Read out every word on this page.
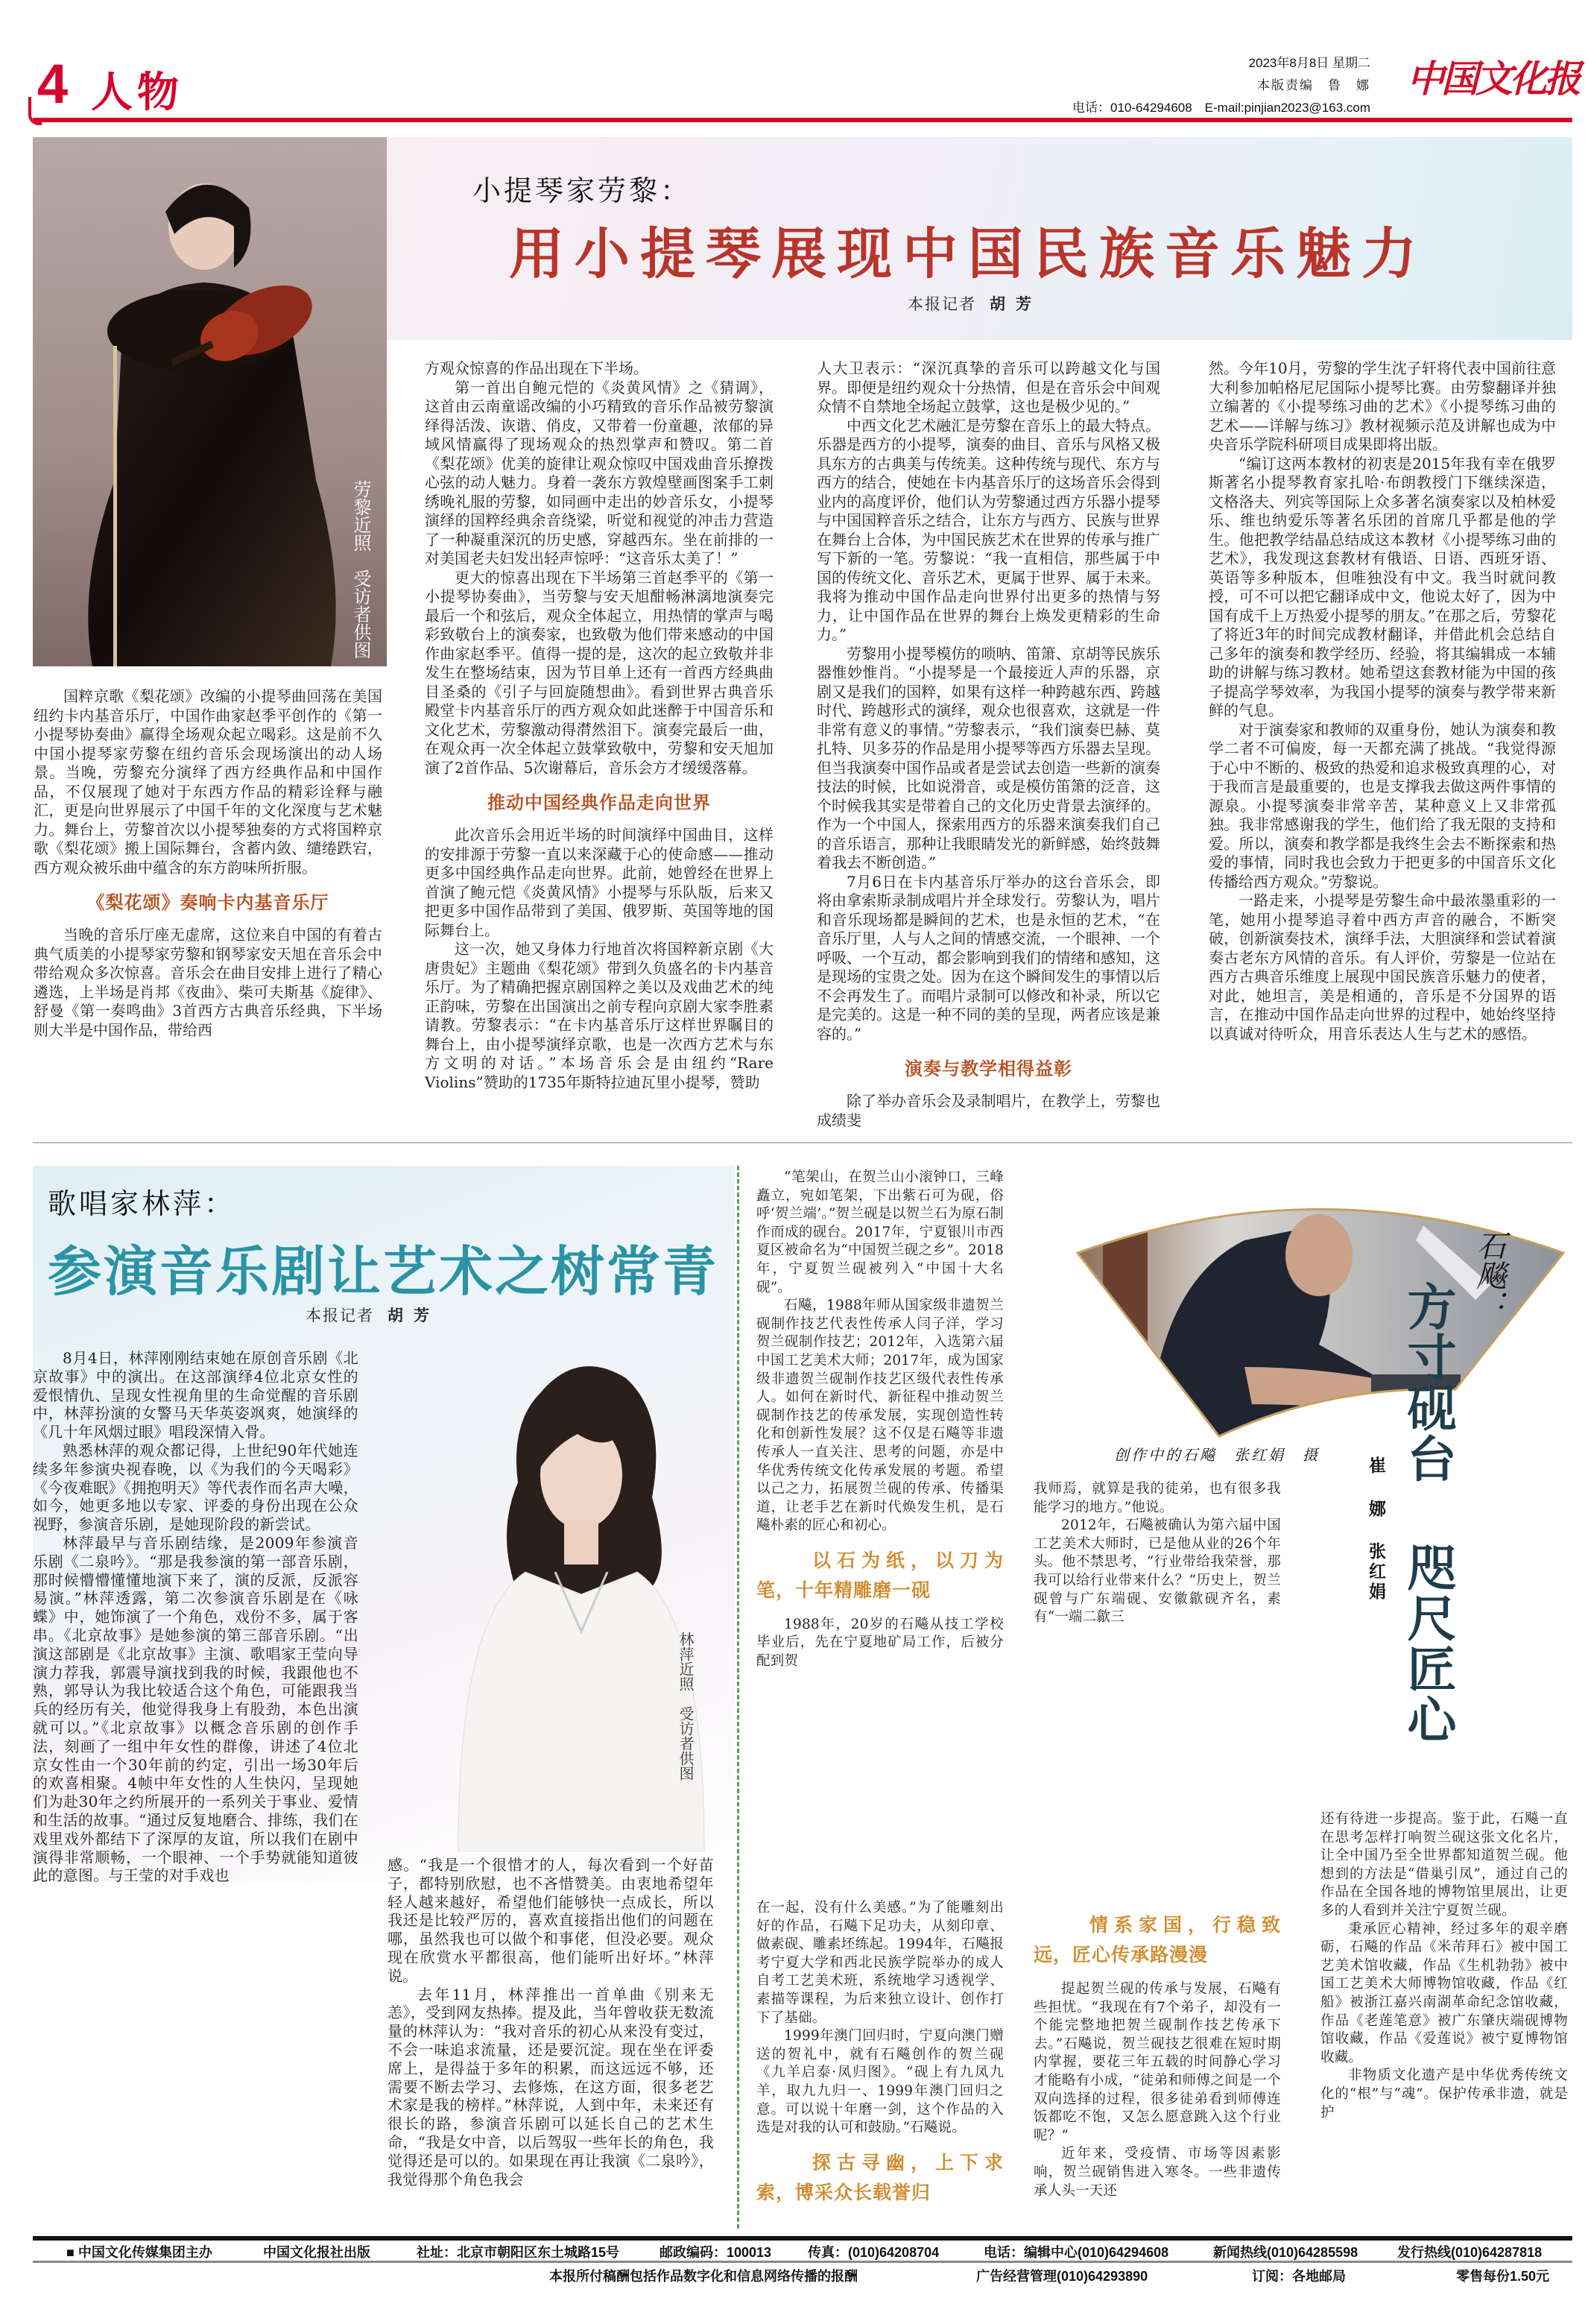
4 人物
2023年8月8日 星期二
本版责编　鲁　娜
电话：010-64294608　E-mail:pinjian2023@163.com
中国文化报
劳黎近照　受访者供图
小提琴家劳黎：
用小提琴展现中国民族音乐魅力
本报记者 胡芳

国粹京歌《梨花颂》改编的小提琴曲回荡在美国纽约卡内基音乐厅，中国作曲家赵季平创作的《第一小提琴协奏曲》赢得全场观众起立喝彩。这是前不久中国小提琴家劳黎在纽约音乐会现场演出的动人场景。当晚，劳黎充分演绎了西方经典作品和中国作品，不仅展现了她对于东西方作品的精彩诠释与融汇，更是向世界展示了中国千年的文化深度与艺术魅力。舞台上，劳黎首次以小提琴独奏的方式将国粹京歌《梨花颂》搬上国际舞台，含蓄内敛、缱绻跌宕，西方观众被乐曲中蕴含的东方韵味所折服。

《梨花颂》奏响卡内基音乐厅

当晚的音乐厅座无虚席，这位来自中国的有着古典气质美的小提琴家劳黎和钢琴家安天旭在音乐会中带给观众多次惊喜。音乐会在曲目安排上进行了精心遴选，上半场是肖邦《夜曲》、柴可夫斯基《旋律》、舒曼《第一奏鸣曲》3首西方古典音乐经典，下半场则大半是中国作品，带给西

方观众惊喜的作品出现在下半场。

第一首出自鲍元恺的《炎黄风情》之《猜调》，这首由云南童谣改编的小巧精致的音乐作品被劳黎演绎得活泼、诙谐、俏皮，又带着一份童趣，浓郁的异域风情赢得了现场观众的热烈掌声和赞叹。第二首《梨花颂》优美的旋律让观众惊叹中国戏曲音乐撩拨心弦的动人魅力。身着一袭东方敦煌壁画图案手工刺绣晚礼服的劳黎，如同画中走出的妙音乐女，小提琴演绎的国粹经典余音绕梁，听觉和视觉的冲击力营造了一种凝重深沉的历史感，穿越西东。坐在前排的一对美国老夫妇发出轻声惊呼：“这音乐太美了！”

更大的惊喜出现在下半场第三首赵季平的《第一小提琴协奏曲》，当劳黎与安天旭酣畅淋漓地演奏完最后一个和弦后，观众全体起立，用热情的掌声与喝彩致敬台上的演奏家，也致敬为他们带来感动的中国作曲家赵季平。值得一提的是，这次的起立致敬并非发生在整场结束，因为节目单上还有一首西方经典曲目圣桑的《引子与回旋随想曲》。看到世界古典音乐殿堂卡内基音乐厅的西方观众如此迷醉于中国音乐和文化艺术，劳黎激动得潸然泪下。演奏完最后一曲，在观众再一次全体起立鼓掌致敬中，劳黎和安天旭加演了2首作品、5次谢幕后，音乐会方才缓缓落幕。

推动中国经典作品走向世界

此次音乐会用近半场的时间演绎中国曲目，这样的安排源于劳黎一直以来深藏于心的使命感——推动更多中国经典作品走向世界。此前，她曾经在世界上首演了鲍元恺《炎黄风情》小提琴与乐队版，后来又把更多中国作品带到了美国、俄罗斯、英国等地的国际舞台上。

这一次，她又身体力行地首次将国粹新京剧《大唐贵妃》主题曲《梨花颂》带到久负盛名的卡内基音乐厅。为了精确把握京剧国粹之美以及戏曲艺术的纯正韵味，劳黎在出国演出之前专程向京剧大家李胜素请教。劳黎表示：“在卡内基音乐厅这样世界瞩目的舞台上，由小提琴演绎京歌，也是一次西方艺术与东方文明的对话。”本场音乐会是由纽约“Rare Violins”赞助的1735年斯特拉迪瓦里小提琴，赞助

人大卫表示：“深沉真挚的音乐可以跨越文化与国界。即便是纽约观众十分热情，但是在音乐会中间观众情不自禁地全场起立鼓掌，这也是极少见的。”

中西文化艺术融汇是劳黎在音乐上的最大特点。乐器是西方的小提琴，演奏的曲目、音乐与风格又极具东方的古典美与传统美。这种传统与现代、东方与西方的结合，使她在卡内基音乐厅的这场音乐会得到业内的高度评价，他们认为劳黎通过西方乐器小提琴与中国国粹音乐之结合，让东方与西方、民族与世界在舞台上合体，为中国民族艺术在世界的传承与推广写下新的一笔。劳黎说：“我一直相信，那些属于中国的传统文化、音乐艺术，更属于世界、属于未来。我将为推动中国作品走向世界付出更多的热情与努力，让中国作品在世界的舞台上焕发更精彩的生命力。”

劳黎用小提琴模仿的唢呐、笛箫、京胡等民族乐器惟妙惟肖。“小提琴是一个最接近人声的乐器，京剧又是我们的国粹，如果有这样一种跨越东西、跨越时代、跨越形式的演绎，观众也很喜欢，这就是一件非常有意义的事情。”劳黎表示，“我们演奏巴赫、莫扎特、贝多芬的作品是用小提琴等西方乐器去呈现。但当我演奏中国作品或者是尝试去创造一些新的演奏技法的时候，比如说滑音，或是模仿笛箫的泛音，这个时候我其实是带着自己的文化历史背景去演绎的。作为一个中国人，探索用西方的乐器来演奏我们自己的音乐语言，那种让我眼睛发光的新鲜感，始终鼓舞着我去不断创造。”

7月6日在卡内基音乐厅举办的这台音乐会，即将由拿索斯录制成唱片并全球发行。劳黎认为，唱片和音乐现场都是瞬间的艺术，也是永恒的艺术，“在音乐厅里，人与人之间的情感交流，一个眼神、一个呼吸、一个互动，都会影响到我们的情绪和感知，这是现场的宝贵之处。因为在这个瞬间发生的事情以后不会再发生了。而唱片录制可以修改和补录，所以它是完美的。这是一种不同的美的呈现，两者应该是兼容的。”

演奏与教学相得益彰

除了举办音乐会及录制唱片，在教学上，劳黎也成绩斐

然。今年10月，劳黎的学生沈子轩将代表中国前往意大利参加帕格尼尼国际小提琴比赛。由劳黎翻译并独立编著的《小提琴练习曲的艺术》《小提琴练习曲的艺术——详解与练习》教材视频示范及讲解也成为中央音乐学院科研项目成果即将出版。

“编订这两本教材的初衷是2015年我有幸在俄罗斯著名小提琴教育家扎哈·布朗教授门下继续深造，文格洛夫、列宾等国际上众多著名演奏家以及柏林爱乐、维也纳爱乐等著名乐团的首席几乎都是他的学生。他把教学结晶总结成这本教材《小提琴练习曲的艺术》，我发现这套教材有俄语、日语、西班牙语、英语等多种版本，但唯独没有中文。我当时就问教授，可不可以把它翻译成中文，他说太好了，因为中国有成千上万热爱小提琴的朋友。”在那之后，劳黎花了将近3年的时间完成教材翻译，并借此机会总结自己多年的演奏和教学经历、经验，将其编辑成一本辅助的讲解与练习教材。她希望这套教材能为中国的孩子提高学琴效率，为我国小提琴的演奏与教学带来新鲜的气息。

对于演奏家和教师的双重身份，她认为演奏和教学二者不可偏废，每一天都充满了挑战。“我觉得源于心中不断的、极致的热爱和追求极致真理的心，对于我而言是最重要的，也是支撑我去做这两件事情的源泉。小提琴演奏非常辛苦，某种意义上又非常孤独。我非常感谢我的学生，他们给了我无限的支持和爱。所以，演奏和教学都是我终生会去不断探索和热爱的事情，同时我也会致力于把更多的中国音乐文化传播给西方观众。”劳黎说。

一路走来，小提琴是劳黎生命中最浓墨重彩的一笔，她用小提琴追寻着中西方声音的融合，不断突破，创新演奏技术，演绎手法，大胆演绎和尝试着演奏古老东方风情的音乐。有人评价，劳黎是一位站在西方古典音乐维度上展现中国民族音乐魅力的使者，对此，她坦言，美是相通的，音乐是不分国界的语言，在推动中国作品走向世界的过程中，她始终坚持以真诚对待听众，用音乐表达人生与艺术的感悟。

歌唱家林萍：
参演音乐剧让艺术之树常青
本报记者 胡芳
林萍近照　受访者供图

8月4日，林萍刚刚结束她在原创音乐剧《北京故事》中的演出。在这部演绎4位北京女性的爱恨情仇、呈现女性视角里的生命觉醒的音乐剧中，林萍扮演的女警马天华英姿飒爽，她演绎的《几十年风烟过眼》唱段深情入骨。

熟悉林萍的观众都记得，上世纪90年代她连续多年参演央视春晚，以《为我们的今天喝彩》《今夜难眠》《拥抱明天》等代表作而名声大噪，如今，她更多地以专家、评委的身份出现在公众视野，参演音乐剧，是她现阶段的新尝试。

林萍最早与音乐剧结缘，是2009年参演音乐剧《二泉吟》。“那是我参演的第一部音乐剧，那时候懵懵懂懂地演下来了，演的反派，反派容易演。”林萍透露，第二次参演音乐剧是在《咏蝶》中，她饰演了一个角色，戏份不多，属于客串。《北京故事》是她参演的第三部音乐剧。“出演这部剧是《北京故事》主演、歌唱家王莹向导演力荐我，郭震导演找到我的时候，我跟他也不熟，郭导认为我比较适合这个角色，可能跟我当兵的经历有关，他觉得我身上有股劲，本色出演就可以。”《北京故事》以概念音乐剧的创作手法，刻画了一组中年女性的群像，讲述了4位北京女性由一个30年前的约定，引出一场30年后的欢喜相聚。4帧中年女性的人生快闪，呈现她们为赴30年之约所展开的一系列关于事业、爱情和生活的故事。“通过反复地磨合、排练，我们在戏里戏外都结下了深厚的友谊，所以我们在剧中演得非常顺畅，一个眼神、一个手势就能知道彼此的意图。与王莹的对手戏也

感。“我是一个很惜才的人，每次看到一个好苗子，都特别欣慰，也不吝惜赞美。由衷地希望年轻人越来越好，希望他们能够快一点成长，所以我还是比较严厉的，喜欢直接指出他们的问题在哪，虽然我也可以做个和事佬，但没必要。观众现在欣赏水平都很高，他们能听出好坏。”林萍说。

去年11月，林萍推出一首单曲《别来无恙》，受到网友热捧。提及此，当年曾收获无数流量的林萍认为：“我对音乐的初心从来没有变过，不会一味追求流量，还是要沉淀。现在坐在评委席上，是得益于多年的积累，而这远远不够，还需要不断去学习、去修炼，在这方面，很多老艺术家是我的榜样。”林萍说，人到中年，未来还有很长的路，参演音乐剧可以延长自己的艺术生命，“我是女中音，以后驾驭一些年长的角色，我觉得还是可以的。如果现在再让我演《二泉吟》，我觉得那个角色我会

石飚：
方寸砚台
咫尺匠心
崔　娜
张红娟
创作中的石飚　张红娟　摄

“笔架山，在贺兰山小滚钟口，三峰矗立，宛如笔架，下出紫石可为砚，俗呼‘贺兰端’。”贺兰砚是以贺兰石为原石制作而成的砚台。2017年，宁夏银川市西夏区被命名为“中国贺兰砚之乡”。2018年，宁夏贺兰砚被列入“中国十大名砚”。

石飚，1988年师从国家级非遗贺兰砚制作技艺代表性传承人闫子洋，学习贺兰砚制作技艺；2012年，入选第六届中国工艺美术大师；2017年，成为国家级非遗贺兰砚制作技艺区级代表性传承人。如何在新时代、新征程中推动贺兰砚制作技艺的传承发展，实现创造性转化和创新性发展？这不仅是石飚等非遗传承人一直关注、思考的问题，亦是中华优秀传统文化传承发展的考题。希望以己之力，拓展贺兰砚的传承、传播渠道，让老手艺在新时代焕发生机，是石飚朴素的匠心和初心。

以石为纸，以刀为笔，十年精雕磨一砚

1988年，20岁的石飚从技工学校毕业后，先在宁夏地矿局工作，后被分配到贺

在一起，没有什么美感。”为了能雕刻出好的作品，石飚下足功夫，从刻印章、做素砚、雕素坯练起。1994年，石飚报考宁夏大学和西北民族学院举办的成人自考工艺美术班，系统地学习透视学、素描等课程，为后来独立设计、创作打下了基础。

1999年澳门回归时，宁夏向澳门赠送的贺礼中，就有石飚创作的贺兰砚《九羊启泰·凤归图》。“砚上有九凤九羊，取九九归一、1999年澳门回归之意。可以说十年磨一剑，这个作品的入选是对我的认可和鼓励。”石飚说。

探古寻幽，上下求索，博采众长载誉归

我师焉，就算是我的徒弟，也有很多我能学习的地方。”他说。

2012年，石飚被确认为第六届中国工艺美术大师时，已是他从业的26个年头。他不禁思考，“行业带给我荣誉，那我可以给行业带来什么？”历史上，贺兰砚曾与广东端砚、安徽歙砚齐名，素有“一端二歙三

情系家国，行稳致远，匠心传承路漫漫

提起贺兰砚的传承与发展，石飚有些担忧。“我现在有7个弟子，却没有一个能完整地把贺兰砚制作技艺传承下去。”石飚说，贺兰砚技艺很难在短时期内掌握，要花三年五载的时间静心学习才能略有小成，“徒弟和师傅之间是一个双向选择的过程，很多徒弟看到师傅连饭都吃不饱，又怎么愿意跳入这个行业呢？”

近年来，受疫情、市场等因素影响，贺兰砚销售进入寒冬。一些非遗传承人头一天还

还有待进一步提高。鉴于此，石飚一直在思考怎样打响贺兰砚这张文化名片，让全中国乃至全世界都知道贺兰砚。他想到的方法是“借巢引凤”，通过自己的作品在全国各地的博物馆里展出，让更多的人看到并关注宁夏贺兰砚。

秉承匠心精神，经过多年的艰辛磨砺，石飚的作品《米芾拜石》被中国工艺美术馆收藏，作品《生机勃勃》被中国工艺美术大师博物馆收藏，作品《红船》被浙江嘉兴南湖革命纪念馆收藏，作品《老莲笔意》被广东肇庆端砚博物馆收藏，作品《爱莲说》被宁夏博物馆收藏。

非物质文化遗产是中华优秀传统文化的“根”与“魂”。保护传承非遗，就是护

■ 中国文化传媒集团主办	中国文化报社出版	社址：北京市朝阳区东土城路15号	邮政编码：100013	传真：(010)64208704	电话：编辑中心(010)64294608	新闻热线(010)64285598	发行热线(010)64287818
本报所付稿酬包括作品数字化和信息网络传播的报酬	广告经营管理(010)64293890	订阅：各地邮局	零售每份1.50元
